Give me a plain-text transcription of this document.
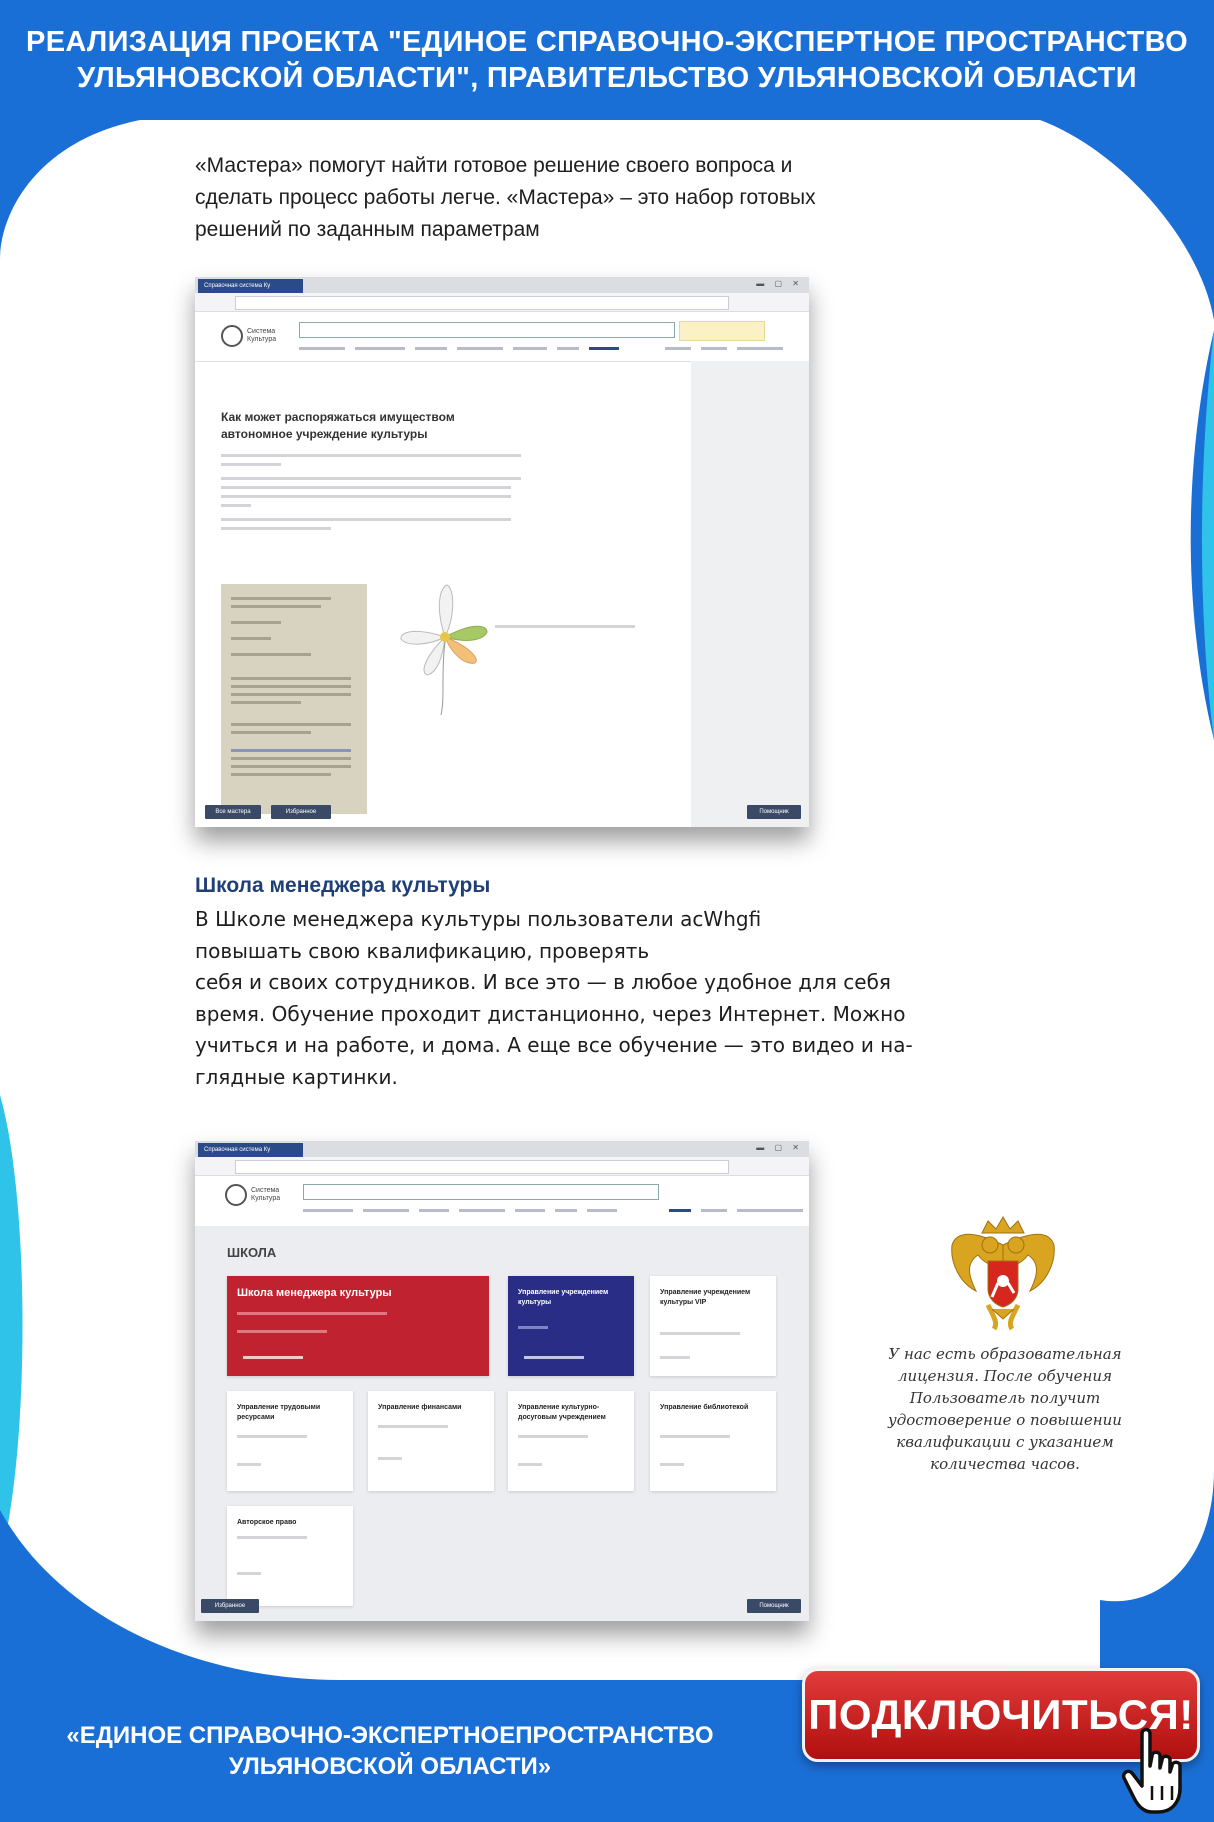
РЕАЛИЗАЦИЯ ПРОЕКТА "ЕДИНОЕ СПРАВОЧНО-ЭКСПЕРТНОЕ ПРОСТРАНСТВО УЛЬЯНОВСКОЙ ОБЛАСТИ", ПРАВИТЕЛЬСТВО УЛЬЯНОВСКОЙ ОБЛАСТИ
«Мастера» помогут найти готовое решение своего вопроса и сделать процесс работы легче. «Мастера» – это набор готовых решений по заданным параметрам
Справочная система Ку	▬ ▢ ✕
Система Культура
Как может распоряжаться имуществом автономное учреждение культуры
Все мастера	Избранное	Помощник
Школа менеджера культуры
В Школе менеджера культуры пользователи ac⁠Whgfi
повышать свою квалификацию, проверять
себя и своих сотрудников. И все это — в любое удобное для себя
время. Обучение проходит дистанционно, через Интернет. Можно
учиться и на работе, и дома. А еще все обучение — это видео и на-
глядные картинки.
Справочная система Ку	▬ ▢ ✕
Система Культура
ШКОЛА
Школа менеджера культуры	Управление учреждением культуры
Управление учреждением культуры VIP
Управление трудовыми ресурсами
Управление финансами	Управление культурно-досуговым учреждением
Управление библиотекой
Авторское право
Избранное	Помощник
У нас есть образовательная лицензия. После обучения Пользователь получит удостоверение о повышении квалификации с указанием количества часов.
«ЕДИНОЕ СПРАВОЧНО-ЭКСПЕРТНОЕПРОСТРАНСТВО УЛЬЯНОВСКОЙ ОБЛАСТИ»
ПОДКЛЮЧИТЬСЯ!
